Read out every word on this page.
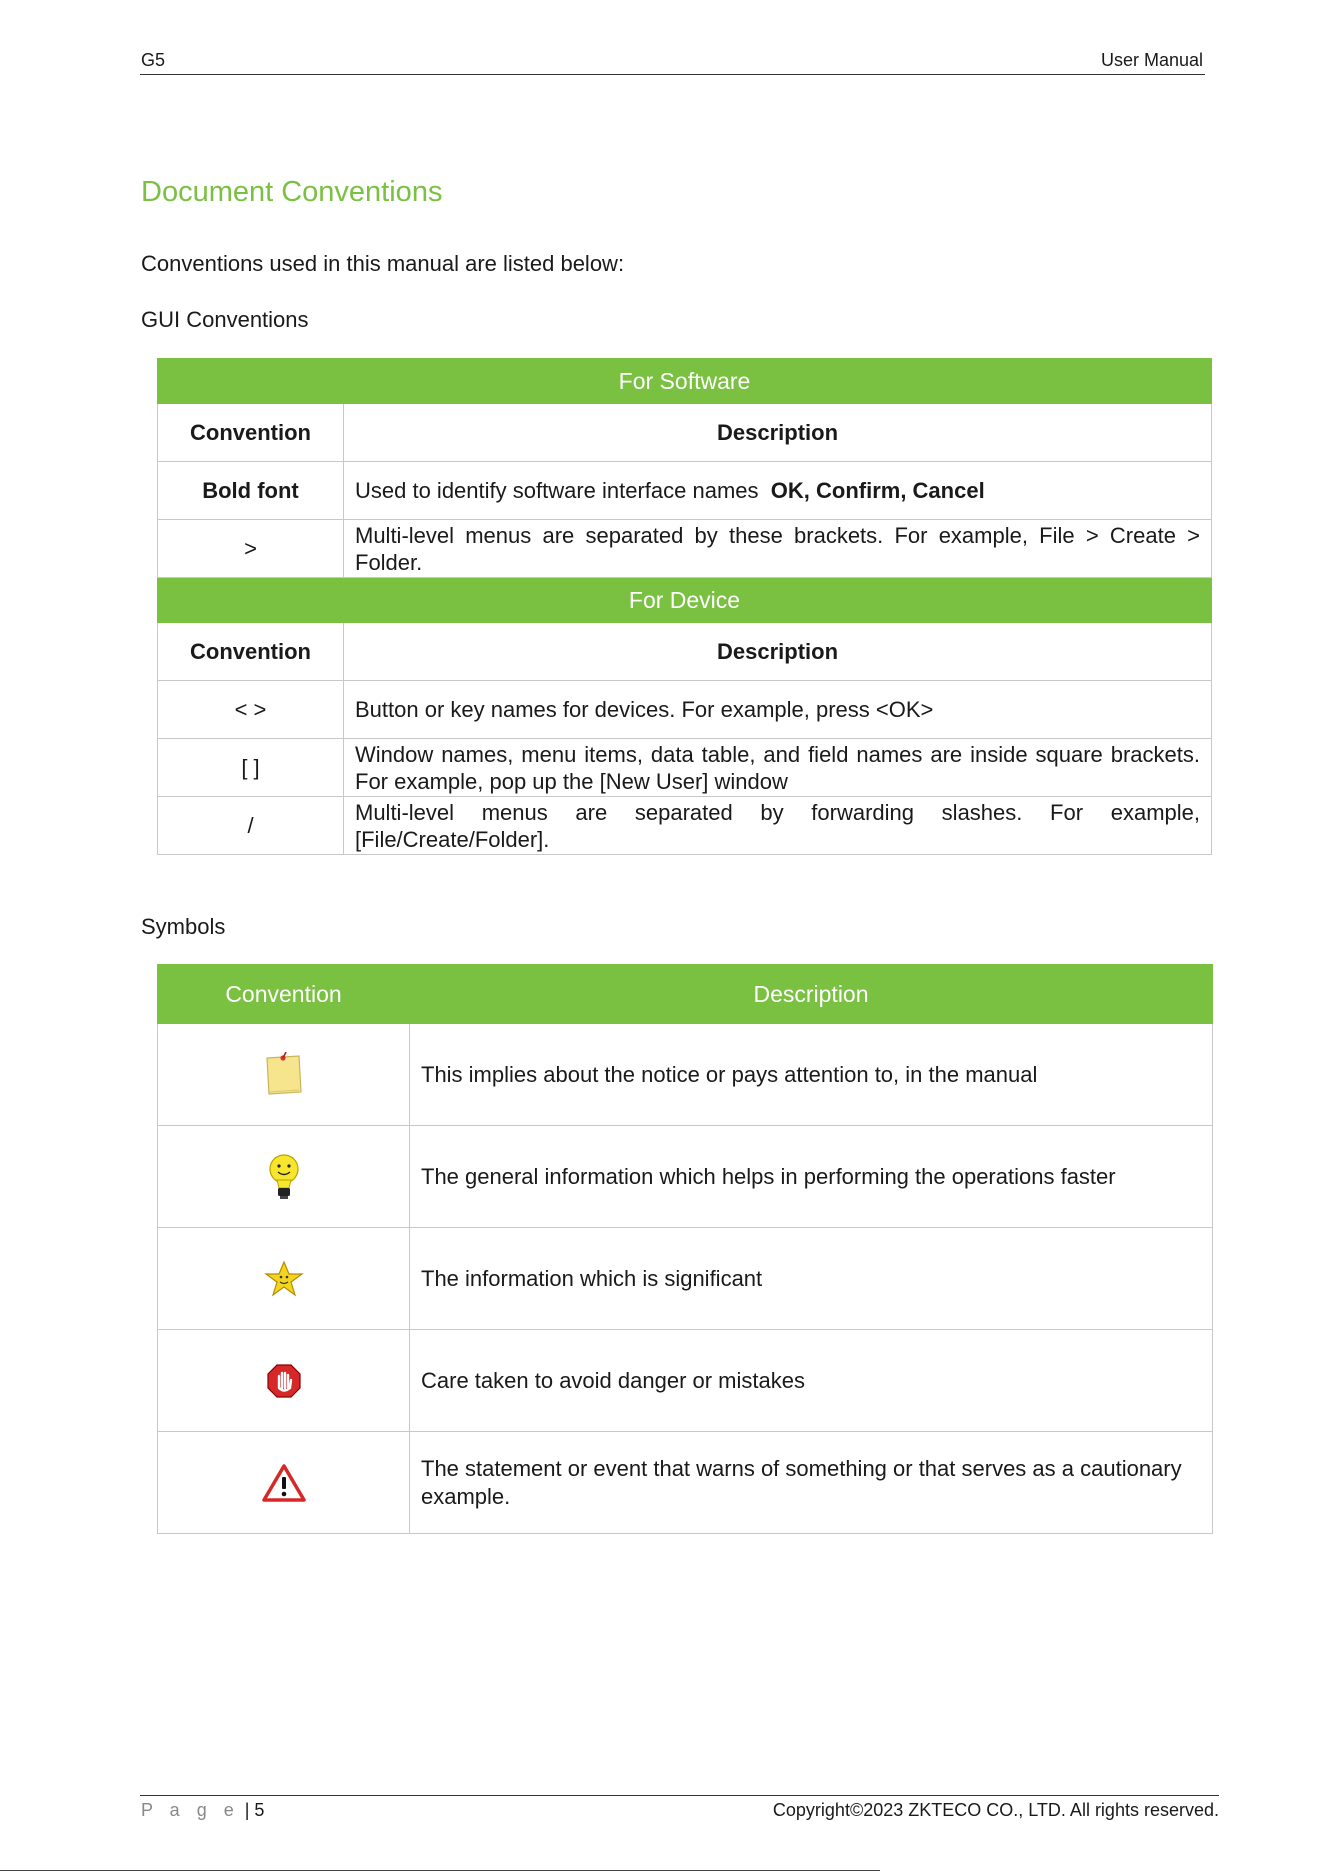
G5	User Manual
Document Conventions
Conventions used in this manual are listed below:
GUI Conventions
For Software	
Convention	Description
Bold font	Used to identify software interface names OK, Confirm, Cancel
>	Multi-level menus are separated by these brackets. For example, File > Create > Folder.
For Device	
Convention	Description
< >	Button or key names for devices. For example, press <OK>
[ ]	Window names, menu items, data table, and field names are inside square brackets. For example, pop up the [New User] window
/	Multi-level menus are separated by forwarding slashes. For example, [File/Create/Folder].
Symbols
Convention	Description
	This implies about the notice or pays attention to, in the manual
	The general information which helps in performing the operations faster
	The information which is significant
	Care taken to avoid danger or mistakes
	The statement or event that warns of something or that serves as a cautionary example.
P a g e | 5	Copyright©2023 ZKTECO CO., LTD. All rights reserved.
